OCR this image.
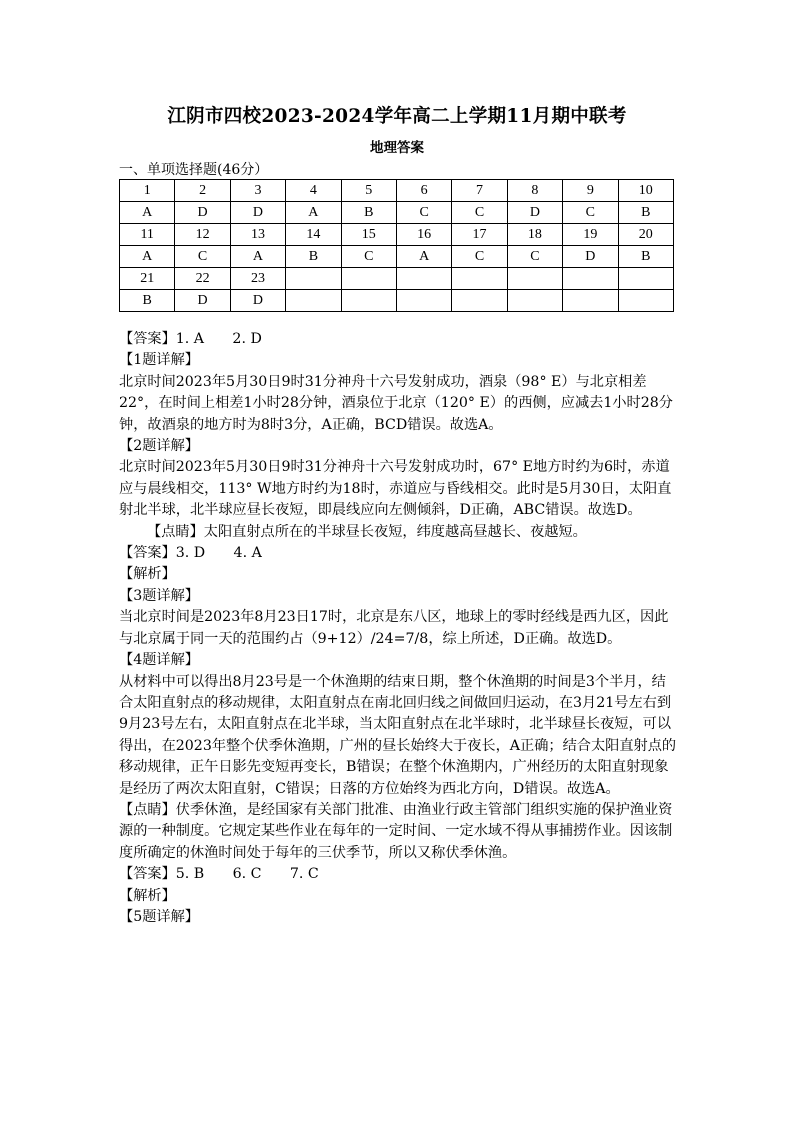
江阴市四校2023-2024学年高二上学期11月期中联考
地理答案
一、单项选择题(46分）
1	2	3	4	5	6	7	8	9	10
A	D	D	A	B	C	C	D	C	B
11	12	13	14	15	16	17	18	19	20
A	C	A	B	C	A	C	C	D	B
21	22	23							
B	D	D							

【答案】1. A　　2. D

【1题详解】

北京时间2023年5月30日9时31分神舟十六号发射成功，酒泉（98° E）与北京相差22°，在时间上相差1小时28分钟，酒泉位于北京（120° E）的西侧，应减去1小时28分钟，故酒泉的地方时为8时3分，A正确，BCD错误。故选A。

【2题详解】

北京时间2023年5月30日9时31分神舟十六号发射成功时，67° E地方时约为6时，赤道应与晨线相交，113° W地方时约为18时，赤道应与昏线相交。此时是5月30日，太阳直射北半球，北半球应昼长夜短，即晨线应向左侧倾斜，D正确，ABC错误。故选D。

【点睛】太阳直射点所在的半球昼长夜短，纬度越高昼越长、夜越短。

【答案】3. D　　4. A

【解析】

【3题详解】

当北京时间是2023年8月23日17时，北京是东八区，地球上的零时经线是西九区，因此与北京属于同一天的范围约占（9+12）/24=7/8，综上所述，D正确。故选D。

【4题详解】

从材料中可以得出8月23号是一个休渔期的结束日期，整个休渔期的时间是3个半月，结合太阳直射点的移动规律，太阳直射点在南北回归线之间做回归运动，在3月21号左右到9月23号左右，太阳直射点在北半球，当太阳直射点在北半球时，北半球昼长夜短，可以得出，在2023年整个伏季休渔期，广州的昼长始终大于夜长，A正确；结合太阳直射点的移动规律，正午日影先变短再变长，B错误；在整个休渔期内，广州经历的太阳直射现象是经历了两次太阳直射，C错误；日落的方位始终为西北方向，D错误。故选A。

【点睛】伏季休渔，是经国家有关部门批准、由渔业行政主管部门组织实施的保护渔业资源的一种制度。它规定某些作业在每年的一定时间、一定水域不得从事捕捞作业。因该制度所确定的休渔时间处于每年的三伏季节，所以又称伏季休渔。

【答案】5. B　　6. C　　7. C

【解析】

【5题详解】
